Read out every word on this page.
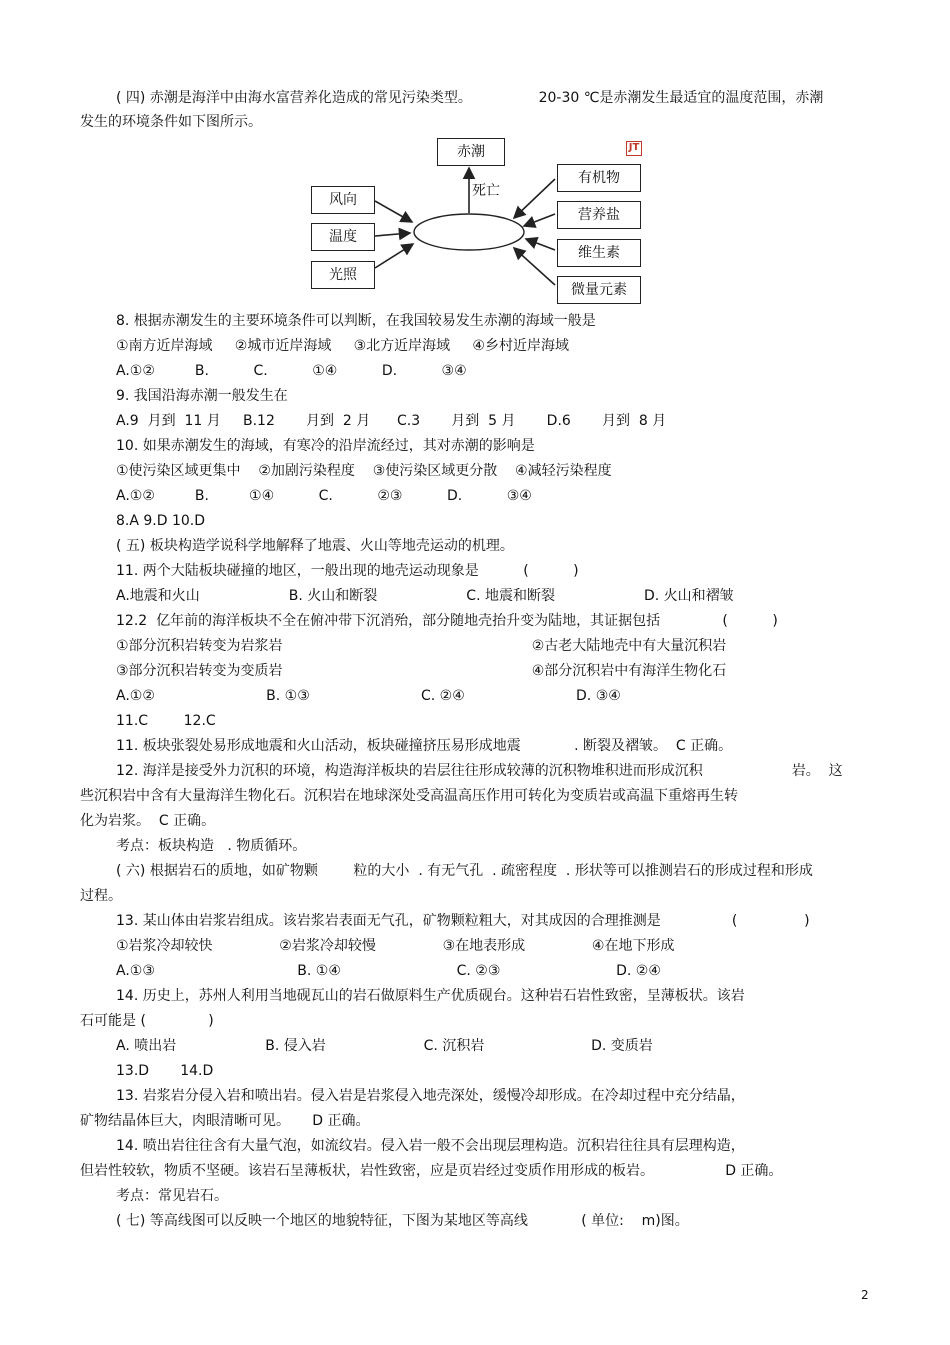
( 四) 赤潮是海洋中由海水富营养化造成的常见污染类型。               20-30 ℃是赤潮发生最适宜的温度范围，赤潮
发生的环境条件如下图所示。
8. 根据赤潮发生的主要环境条件可以判断，在我国较易发生赤潮的海域一般是
①南方近岸海域     ②城市近岸海域     ③北方近岸海域     ④乡村近岸海域
A.①②         B.          C.          ①④          D.          ③④
9. 我国沿海赤潮一般发生在
A.9  月到  11 月     B.12       月到  2 月      C.3       月到  5 月       D.6       月到  8 月
10. 如果赤潮发生的海域，有寒冷的沿岸流经过，其对赤潮的影响是
①使污染区域更集中    ②加剧污染程度    ③使污染区域更分散    ④减轻污染程度
A.①②         B.         ①④          C.          ②③          D.          ③④
8.A 9.D 10.D
( 五) 板块构造学说科学地解释了地震、火山等地壳运动的机理。
11. 两个大陆板块碰撞的地区，一般出现的地壳运动现象是          (          )
A.地震和火山                    B. 火山和断裂                    C. 地震和断裂                    D. 火山和褶皱
12.2  亿年前的海洋板块不全在俯冲带下沉消殆，部分随地壳抬升变为陆地，其证据包括              (          )
①部分沉积岩转变为岩浆岩                                                        ②古老大陆地壳中有大量沉积岩
③部分沉积岩转变为变质岩                                                        ④部分沉积岩中有海洋生物化石
A.①②                         B. ①③                         C. ②④                         D. ③④
11.C        12.C
11. 板块张裂处易形成地震和火山活动，板块碰撞挤压易形成地震            . 断裂及褶皱。  C 正确。
12. 海洋是接受外力沉积的环境，构造海洋板块的岩层往往形成较薄的沉积物堆积进而形成沉积                    岩。  这
些沉积岩中含有大量海洋生物化石。沉积岩在地球深处受高温高压作用可转化为变质岩或高温下重熔再生转
化为岩浆。  C 正确。
考点：板块构造   . 物质循环。
( 六) 根据岩石的质地，如矿物颗        粒的大小  . 有无气孔  . 疏密程度  . 形状等可以推测岩石的形成过程和形成
过程。
13. 某山体由岩浆岩组成。该岩浆岩表面无气孔，矿物颗粒粗大，对其成因的合理推测是                (               )
①岩浆冷却较快               ②岩浆冷却较慢               ③在地表形成               ④在地下形成
A.①③                                B. ①④                          C. ②③                          D. ②④
14. 历史上，苏州人利用当地砚瓦山的岩石做原料生产优质砚台。这种岩石岩性致密，呈薄板状。该岩
石可能是 (              )
A. 喷出岩                    B. 侵入岩                      C. 沉积岩                        D. 变质岩
13.D       14.D
13. 岩浆岩分侵入岩和喷出岩。侵入岩是岩浆侵入地壳深处，缓慢冷却形成。在冷却过程中充分结晶，
矿物结晶体巨大，肉眼清晰可见。     D 正确。
14. 喷出岩往往含有大量气泡，如流纹岩。侵入岩一般不会出现层理构造。沉积岩往往具有层理构造，
但岩性较软，物质不坚硬。该岩石呈薄板状，岩性致密，应是页岩经过变质作用形成的板岩。                D 正确。
考点：常见岩石。
( 七) 等高线图可以反映一个地区的地貌特征，下图为某地区等高线            ( 单位:    m)图。
赤潮
死亡
风向
温度
光照
有机物
营养盐
维生素
微量元素
JT
2
